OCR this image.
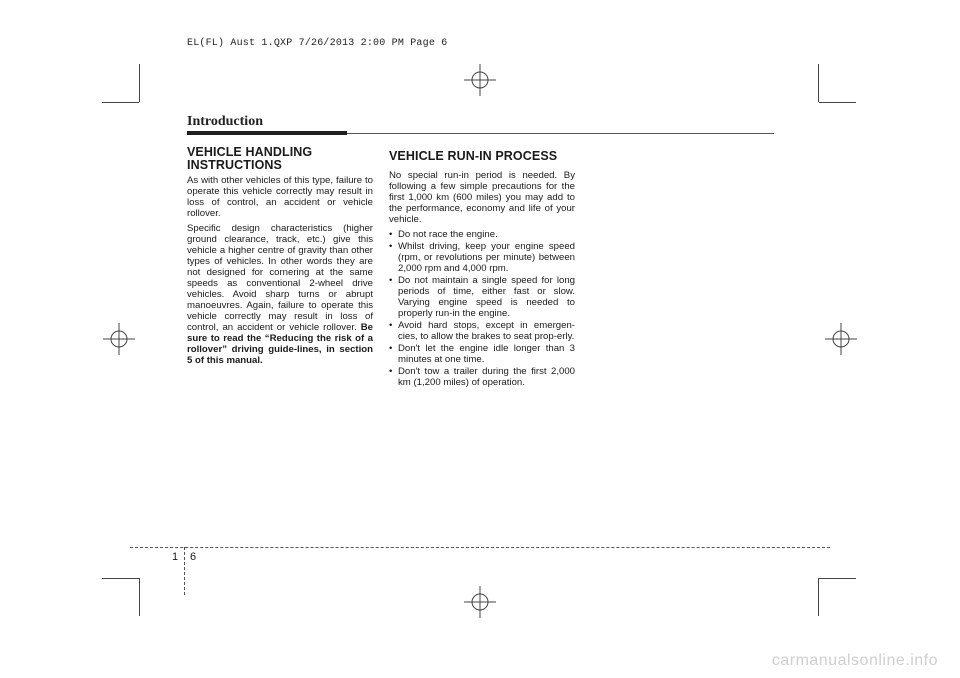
EL(FL) Aust 1.QXP 7/26/2013 2:00 PM Page 6
Introduction
VEHICLE HANDLING INSTRUCTIONS

As with other vehicles of this type, failure to operate this vehicle correctly may result in loss of control, an accident or vehicle rollover.

Specific design characteristics (higher ground clearance, track, etc.) give this vehicle a higher centre of gravity than other types of vehicles. In other words they are not designed for cornering at the same speeds as conventional 2-wheel drive vehicles. Avoid sharp turns or abrupt manoeuvres. Again, failure to operate this vehicle correctly may result in loss of control, an accident or vehicle rollover. Be sure to read the “Reducing the risk of a rollover” driving guide-lines, in section 5 of this manual.

VEHICLE RUN-IN PROCESS

No special run-in period is needed. By following a few simple precautions for the first 1,000 km (600 miles) you may add to the performance, economy and life of your vehicle.

• Do not race the engine.
• Whilst driving, keep your engine speed (rpm, or revolutions per minute) between 2,000 rpm and 4,000 rpm.
• Do not maintain a single speed for long periods of time, either fast or slow. Varying engine speed is needed to properly run-in the engine.
• Avoid hard stops, except in emergen-cies, to allow the brakes to seat prop-erly.
• Don't let the engine idle longer than 3 minutes at one time.
• Don't tow a trailer during the first 2,000 km (1,200 miles) of operation.
1 6
carmanualsonline.info
